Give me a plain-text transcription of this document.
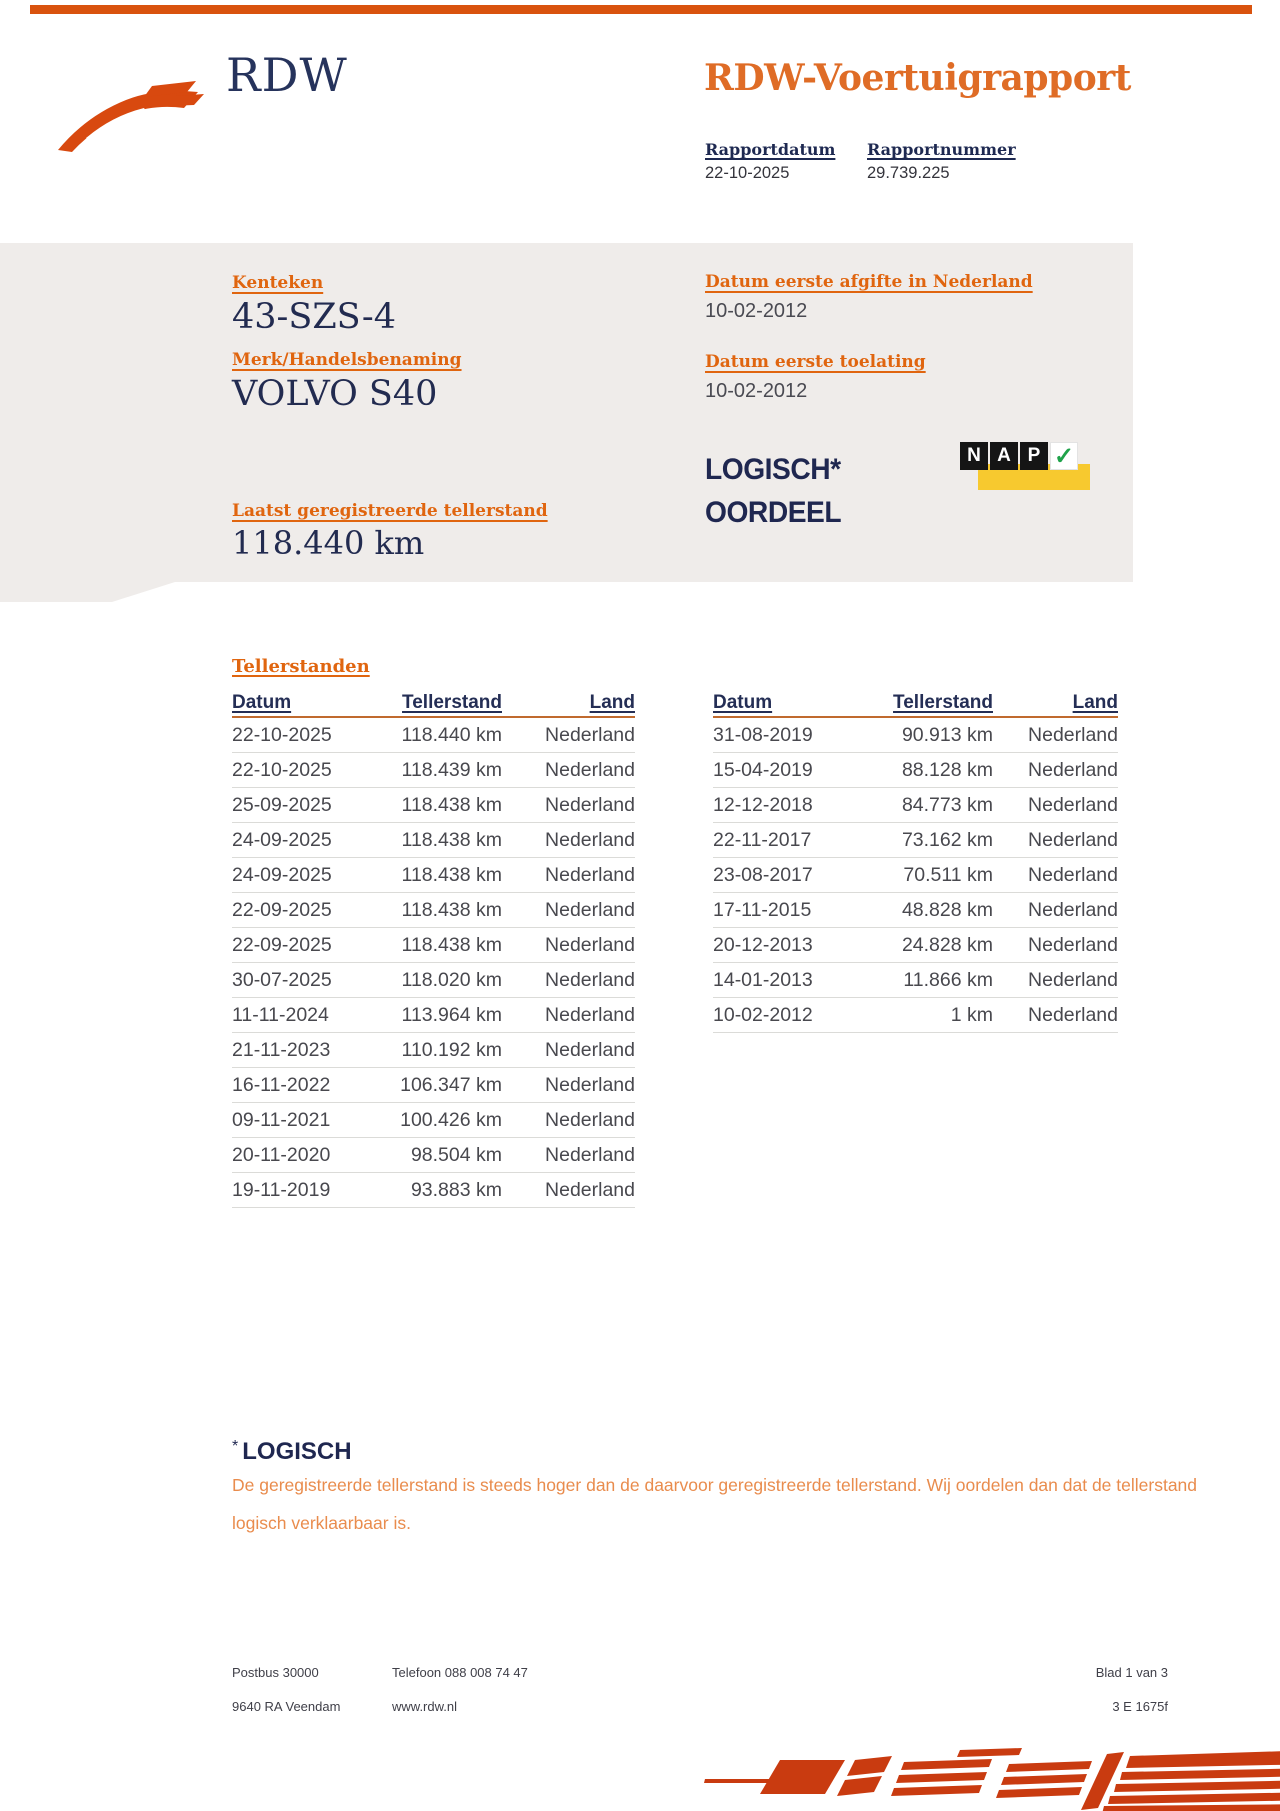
RDW	RDW-Voertuigrapport
Rapportdatum Rapportnummer
22-10-2025	29.739.225
Kenteken
43-SZS-4
Merk/Handelsbenaming
VOLVO S40
Laatst geregistreerde tellerstand
118.440 km
Datum eerste afgifte in Nederland
10-02-2012
Datum eerste toelating
10-02-2012
LOGISCH*
OORDEEL
N A P ✓
Tellerstanden
Datum	Tellerstand	Land
22-10-2025	118.440 km	Nederland
22-10-2025	118.439 km	Nederland
25-09-2025	118.438 km	Nederland
24-09-2025	118.438 km	Nederland
24-09-2025	118.438 km	Nederland
22-09-2025	118.438 km	Nederland
22-09-2025	118.438 km	Nederland
30-07-2025	118.020 km	Nederland
11-11-2024	113.964 km	Nederland
21-11-2023	110.192 km	Nederland
16-11-2022	106.347 km	Nederland
09-11-2021	100.426 km	Nederland
20-11-2020	98.504 km	Nederland
19-11-2019	93.883 km	Nederland
Datum	Tellerstand	Land
31-08-2019	90.913 km	Nederland
15-04-2019	88.128 km	Nederland
12-12-2018	84.773 km	Nederland
22-11-2017	73.162 km	Nederland
23-08-2017	70.511 km	Nederland
17-11-2015	48.828 km	Nederland
20-12-2013	24.828 km	Nederland
14-01-2013	11.866 km	Nederland
10-02-2012	1 km	Nederland
* LOGISCH
De geregistreerde tellerstand is steeds hoger dan de daarvoor geregistreerde tellerstand. Wij oordelen dan dat de tellerstand logisch verklaarbaar is.
Postbus 30000	Telefoon 088 008 74 47	Blad 1 van 3
9640 RA Veendam	www.rdw.nl	3 E 1675f
